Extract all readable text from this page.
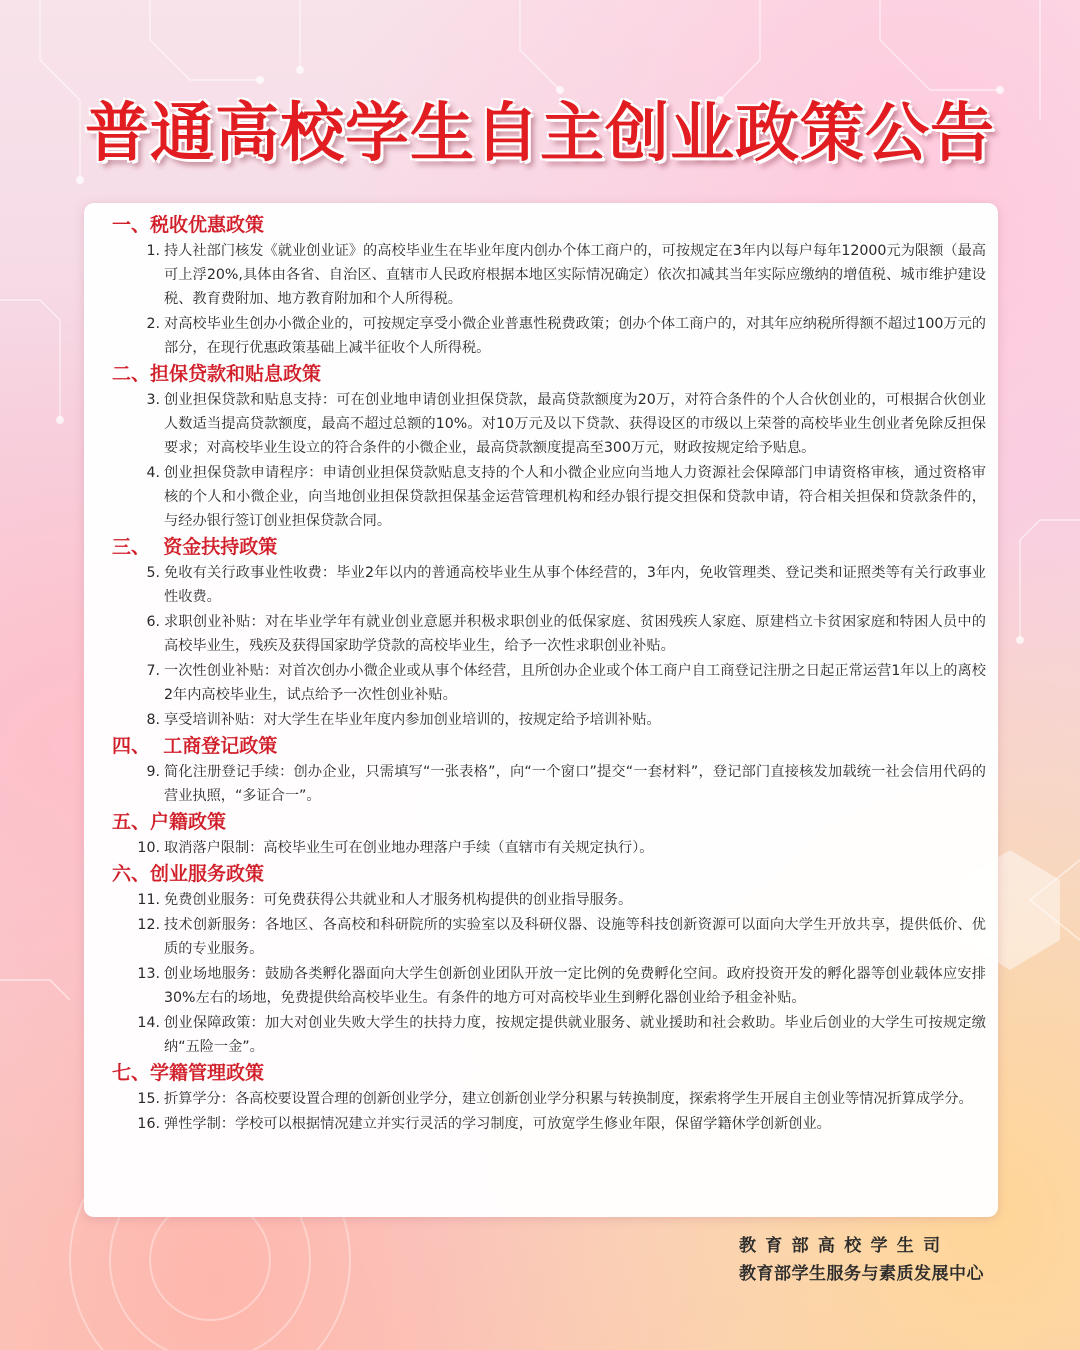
普通高校学生自主创业政策公告
一、税收优惠政策
1. 持人社部门核发《就业创业证》的高校毕业生在毕业年度内创办个体工商户的，可按规定在3年内以每户每年12000元为限额（最高可上浮20%,具体由各省、自治区、直辖市人民政府根据本地区实际情况确定）依次扣减其当年实际应缴纳的增值税、城市维护建设税、教育费附加、地方教育附加和个人所得税。
2. 对高校毕业生创办小微企业的，可按规定享受小微企业普惠性税费政策；创办个体工商户的，对其年应纳税所得额不超过100万元的部分，在现行优惠政策基础上减半征收个人所得税。
二、担保贷款和贴息政策
3. 创业担保贷款和贴息支持：可在创业地申请创业担保贷款，最高贷款额度为20万，对符合条件的个人合伙创业的，可根据合伙创业人数适当提高贷款额度，最高不超过总额的10%。对10万元及以下贷款、获得设区的市级以上荣誉的高校毕业生创业者免除反担保要求；对高校毕业生设立的符合条件的小微企业，最高贷款额度提高至300万元，财政按规定给予贴息。
4. 创业担保贷款申请程序：申请创业担保贷款贴息支持的个人和小微企业应向当地人力资源社会保障部门申请资格审核，通过资格审核的个人和小微企业，向当地创业担保贷款担保基金运营管理机构和经办银行提交担保和贷款申请，符合相关担保和贷款条件的，与经办银行签订创业担保贷款合同。
三、  资金扶持政策
5. 免收有关行政事业性收费：毕业2年以内的普通高校毕业生从事个体经营的，3年内，免收管理类、登记类和证照类等有关行政事业性收费。
6. 求职创业补贴：对在毕业学年有就业创业意愿并积极求职创业的低保家庭、贫困残疾人家庭、原建档立卡贫困家庭和特困人员中的高校毕业生，残疾及获得国家助学贷款的高校毕业生，给予一次性求职创业补贴。
7. 一次性创业补贴：对首次创办小微企业或从事个体经营，且所创办企业或个体工商户自工商登记注册之日起正常运营1年以上的离校2年内高校毕业生，试点给予一次性创业补贴。
8. 享受培训补贴：对大学生在毕业年度内参加创业培训的，按规定给予培训补贴。
四、  工商登记政策
9. 简化注册登记手续：创办企业，只需填写“一张表格”，向“一个窗口”提交“一套材料”，登记部门直接核发加载统一社会信用代码的营业执照，“多证合一”。
五、户籍政策
10. 取消落户限制：高校毕业生可在创业地办理落户手续（直辖市有关规定执行）。
六、创业服务政策
11. 免费创业服务：可免费获得公共就业和人才服务机构提供的创业指导服务。
12. 技术创新服务：各地区、各高校和科研院所的实验室以及科研仪器、设施等科技创新资源可以面向大学生开放共享，提供低价、优质的专业服务。
13. 创业场地服务：鼓励各类孵化器面向大学生创新创业团队开放一定比例的免费孵化空间。政府投资开发的孵化器等创业载体应安排30%左右的场地，免费提供给高校毕业生。有条件的地方可对高校毕业生到孵化器创业给予租金补贴。
14. 创业保障政策：加大对创业失败大学生的扶持力度，按规定提供就业服务、就业援助和社会救助。毕业后创业的大学生可按规定缴纳“五险一金”。
七、学籍管理政策
15. 折算学分：各高校要设置合理的创新创业学分，建立创新创业学分积累与转换制度，探索将学生开展自主创业等情况折算成学分。
16. 弹性学制：学校可以根据情况建立并实行灵活的学习制度，可放宽学生修业年限，保留学籍休学创新创业。
教育部高校学生司
教育部学生服务与素质发展中心
